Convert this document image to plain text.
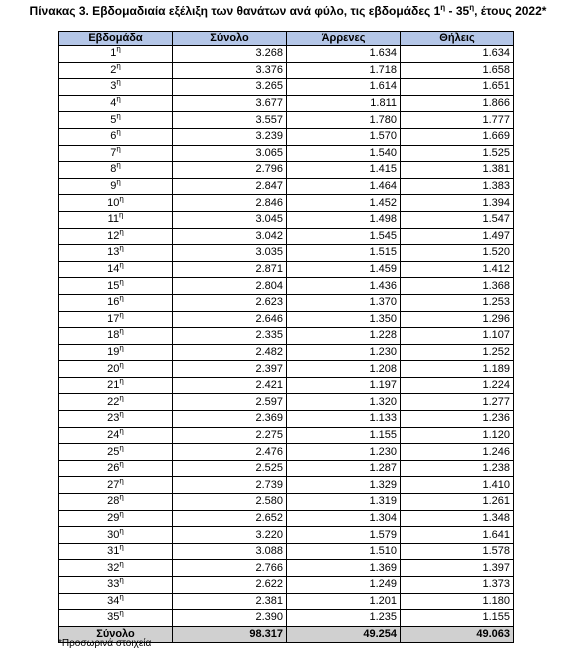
Πίνακας 3. Εβδομαδιαία εξέλιξη των θανάτων ανά φύλο, τις εβδομάδες $1^\eta - 35^\eta$, έτους 2022*
Εβδομάδα	Σύνολο	Άρρενες	Θήλεις
$1^\eta$	3.268	1.634	1.634
$2^\eta$	3.376	1.718	1.658
$3^\eta$	3.265	1.614	1.651
$4^\eta$	3.677	1.811	1.866
$5^\eta$	3.557	1.780	1.777
$6^\eta$	3.239	1.570	1.669
$7^\eta$	3.065	1.540	1.525
$8^\eta$	2.796	1.415	1.381
$9^\eta$	2.847	1.464	1.383
$10^\eta$	2.846	1.452	1.394
$11^\eta$	3.045	1.498	1.547
$12^\eta$	3.042	1.545	1.497
$13^\eta$	3.035	1.515	1.520
$14^\eta$	2.871	1.459	1.412
$15^\eta$	2.804	1.436	1.368
$16^\eta$	2.623	1.370	1.253
$17^\eta$	2.646	1.350	1.296
$18^\eta$	2.335	1.228	1.107
$19^\eta$	2.482	1.230	1.252
$20^\eta$	2.397	1.208	1.189
$21^\eta$	2.421	1.197	1.224
$22^\eta$	2.597	1.320	1.277
$23^\eta$	2.369	1.133	1.236
$24^\eta$	2.275	1.155	1.120
$25^\eta$	2.476	1.230	1.246
$26^\eta$	2.525	1.287	1.238
$27^\eta$	2.739	1.329	1.410
$28^\eta$	2.580	1.319	1.261
$29^\eta$	2.652	1.304	1.348
$30^\eta$	3.220	1.579	1.641
$31^\eta$	3.088	1.510	1.578
$32^\eta$	2.766	1.369	1.397
$33^\eta$	2.622	1.249	1.373
$34^\eta$	2.381	1.201	1.180
$35^\eta$	2.390	1.235	1.155
Σύνολο	98.317	49.254	49.063
*Προσωρινά στοιχεία
